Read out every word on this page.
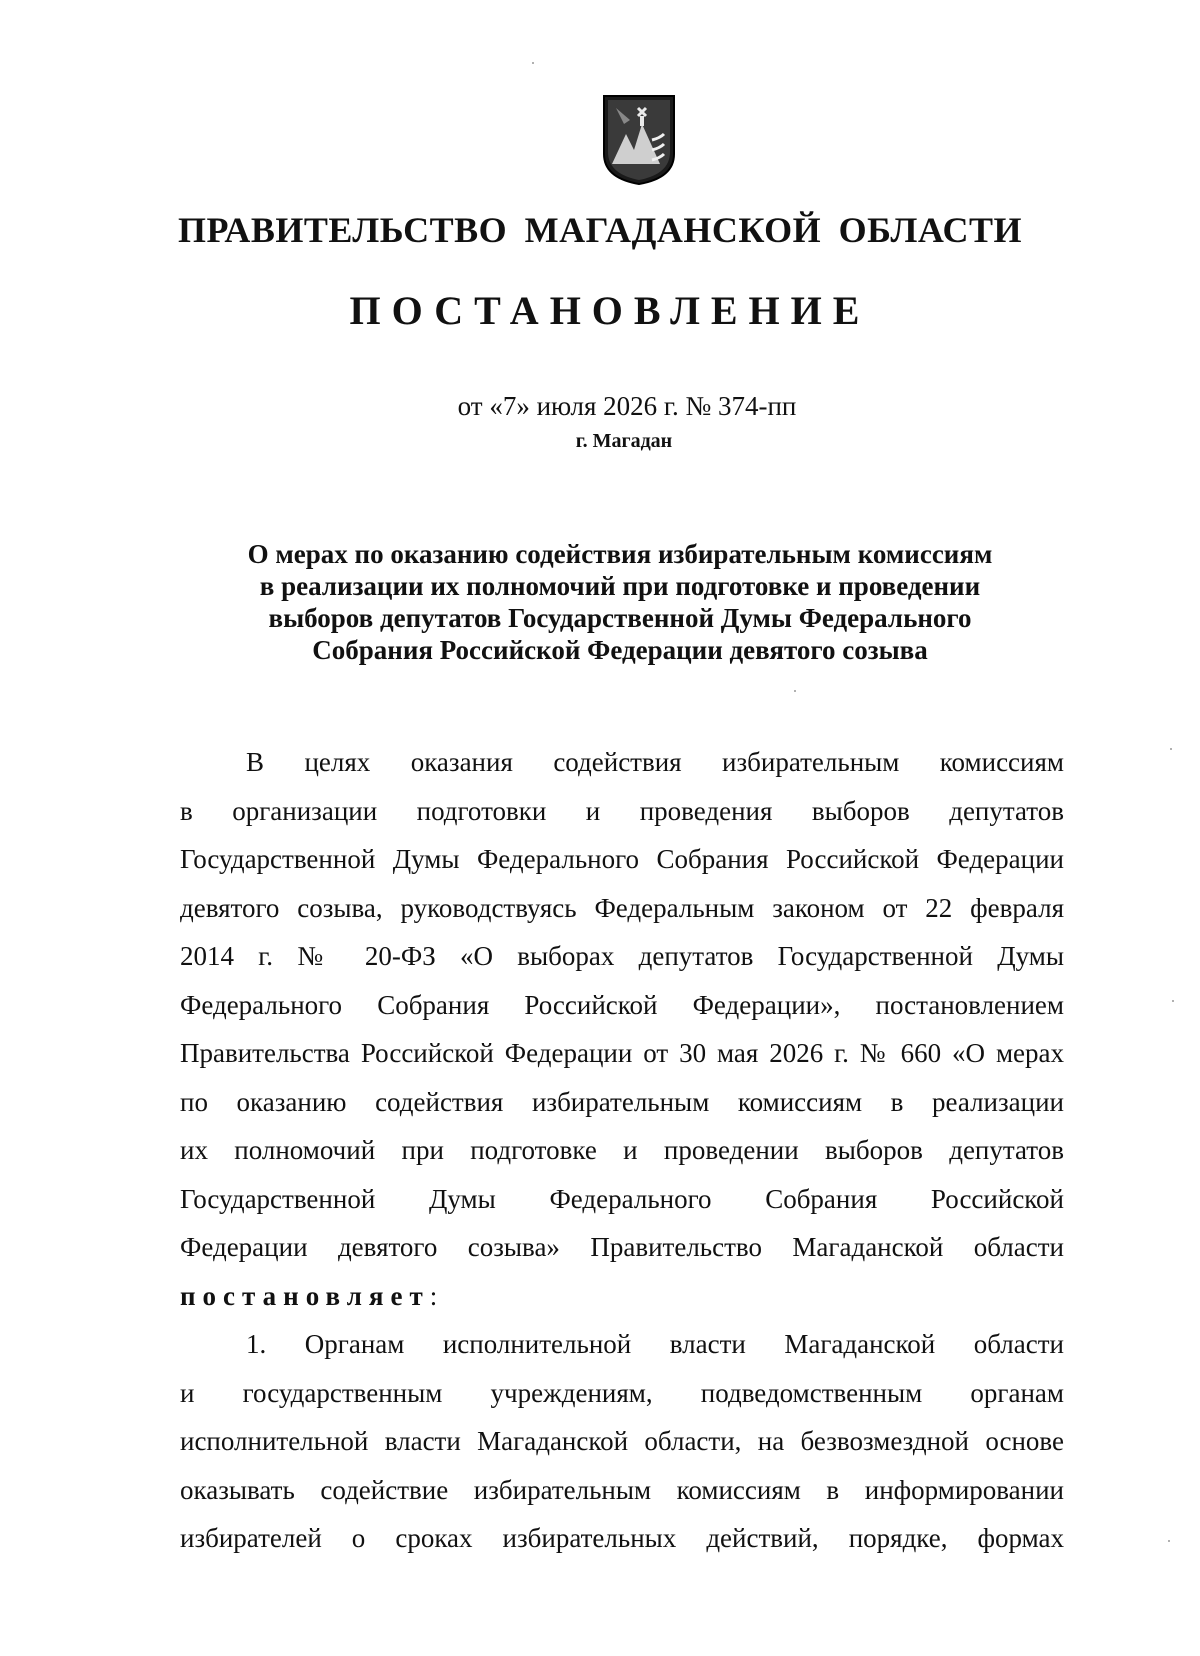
ПРАВИТЕЛЬСТВО МАГАДАНСКОЙ ОБЛАСТИ
ПОСТАНОВЛЕНИЕ
от «7» июля 2026 г. № 374-пп
г. Магадан
О мерах по оказанию содействия избирательным комиссиям
в реализации их полномочий при подготовке и проведении
выборов депутатов Государственной Думы Федерального
Собрания Российской Федерации девятого созыва
В целях оказания содействия избирательным комиссиям
в организации подготовки и проведения выборов депутатов
Государственной Думы Федерального Собрания Российской Федерации
девятого созыва, руководствуясь Федеральным законом от 22 февраля
2014 г. № 20-ФЗ «О выборах депутатов Государственной Думы
Федерального Собрания Российской Федерации», постановлением
Правительства Российской Федерации от 30 мая 2026 г. № 660 «О мерах
по оказанию содействия избирательным комиссиям в реализации
их полномочий при подготовке и проведении выборов депутатов
Государственной Думы Федерального Собрания Российской
Федерации девятого созыва» Правительство Магаданской области
постановляет:
1. Органам исполнительной власти Магаданской области
и государственным учреждениям, подведомственным органам
исполнительной власти Магаданской области, на безвозмездной основе
оказывать содействие избирательным комиссиям в информировании
избирателей о сроках избирательных действий, порядке, формах
